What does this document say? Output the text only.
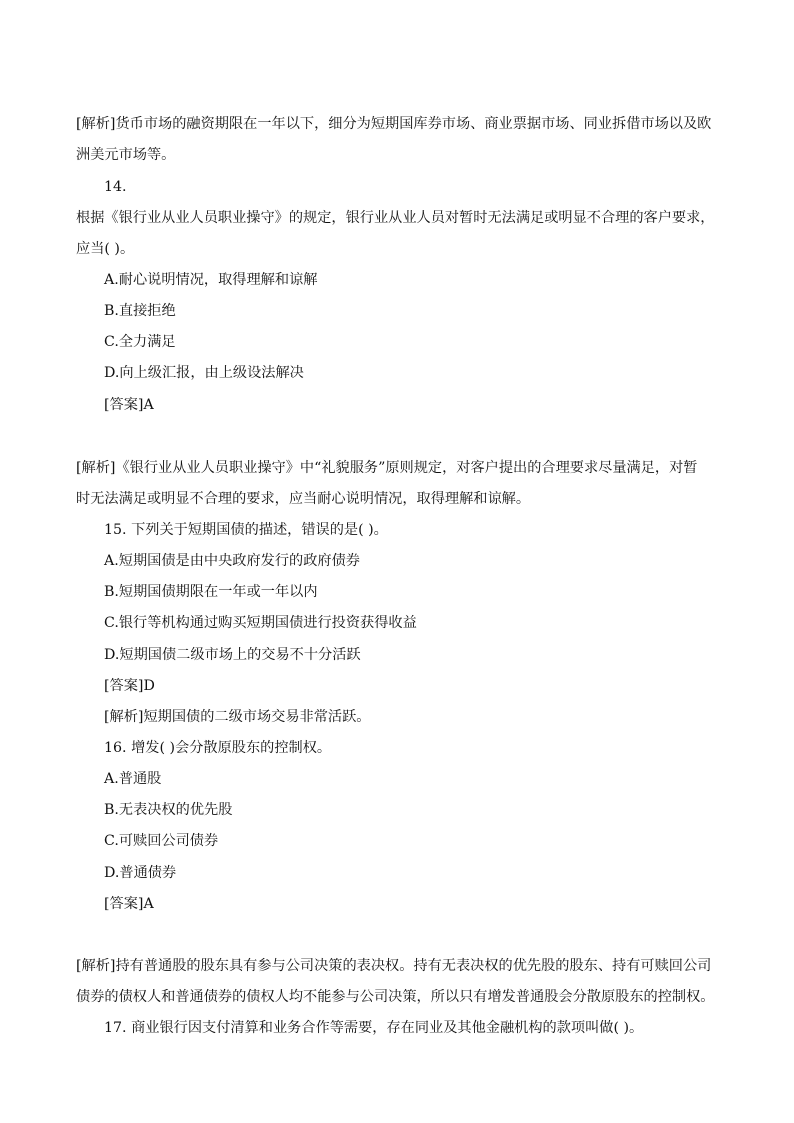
[解析]货币市场的融资期限在一年以下，细分为短期国库券市场、商业票据市场、同业拆借市场以及欧
洲美元市场等。
14.
根据《银行业从业人员职业操守》的规定，银行业从业人员对暂时无法满足或明显不合理的客户要求，
应当( )。
A.耐心说明情况，取得理解和谅解
B.直接拒绝
C.全力满足
D.向上级汇报，由上级设法解决
[答案]A
[解析]《银行业从业人员职业操守》中“礼貌服务”原则规定，对客户提出的合理要求尽量满足，对暂
时无法满足或明显不合理的要求，应当耐心说明情况，取得理解和谅解。
15. 下列关于短期国债的描述，错误的是( )。
A.短期国债是由中央政府发行的政府债券
B.短期国债期限在一年或一年以内
C.银行等机构通过购买短期国债进行投资获得收益
D.短期国债二级市场上的交易不十分活跃
[答案]D
[解析]短期国债的二级市场交易非常活跃。
16. 增发( )会分散原股东的控制权。
A.普通股
B.无表决权的优先股
C.可赎回公司债券
D.普通债券
[答案]A
[解析]持有普通股的股东具有参与公司决策的表决权。持有无表决权的优先股的股东、持有可赎回公司
债券的债权人和普通债券的债权人均不能参与公司决策，所以只有增发普通股会分散原股东的控制权。
17. 商业银行因支付清算和业务合作等需要，存在同业及其他金融机构的款项叫做( )。
